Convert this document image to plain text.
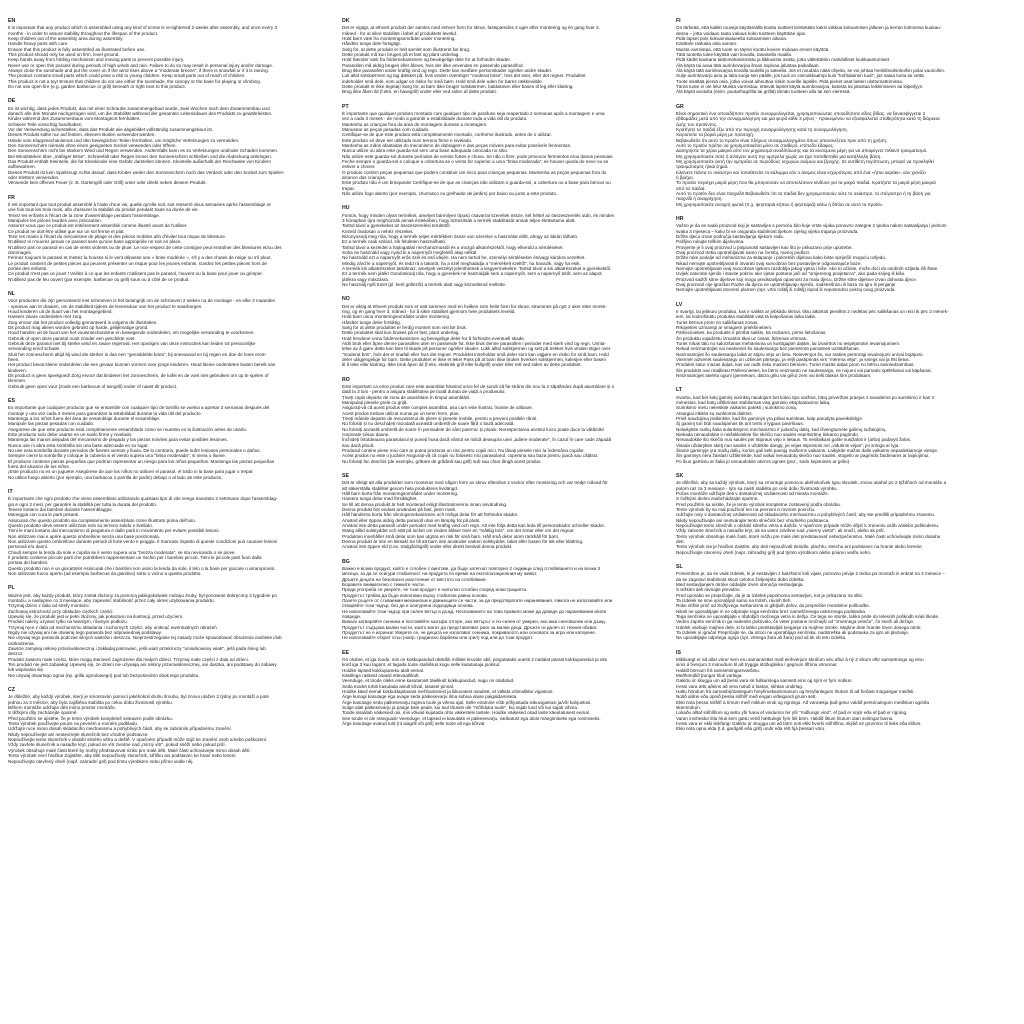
EN
It is important that any product which is assembled using any kind of screw is re-tightened 2 weeks after assembly, and once every 3
months - in order to assure stability throughout the lifespan of the product.
Keep children out of the assembly area during assembly.
Handle heavy parts with care.
Ensure that this product is fully assembled as illustrated before use.
This product should only be used on firm, level ground.
Keep hands away from folding mechanism and moving parts to prevent possible injury.
Never use or open this parasol during periods of high winds and rain. Failure to do so may result in personal injury and/or damage.
Always close the sunshade and put the cover on if the wind rises above a "moderate breeze", if there is snowfall or if it is raining.
The product contains small parts which could pose a risk to young children. Keep small parts out of reach of children.
This product is not a toy! Ensure that children do not use either the sunshade, the canopy or the base for playing or climbing.
Do not use open fire (e.g. garden barbecue or grill) beneath or right next to this product.
DE
Es ist wichtig, dass jedes Produkt, das mit einer Schraube zusammengebaut wurde, zwei Wochen nach dem Zusammenbau und
danach alle drei Monate nachgezogen wird, um die Stabilität während der gesamten Lebensdauer des Produkts zu gewährleisten.
Kinder während des Zusammenbaus vom Montageort fernhalten.
Schwere Teile vorsichtig handhaben.
Vor der Verwendung sicherstellen, dass das Produkt wie abgebildet vollständig zusammengebaut ist.
Dieses Produkt sollte nur auf festem, ebenem Boden verwendet werden.
Hände vom Klappmechanismus und den beweglichen Teilen fernhalten, um mögliche Verletzungen zu vermeiden.
Den Sonnenschirm niemals ohne einen geeigneten Sockel verwenden oder öffnen.
Den Sonnenschirm nicht bei starkem Wind und Regen verwenden. Andernfalls kann es zu Verletzungen und/oder Schäden kommen.
Bei Windstärken über „mäßiger Brise", Schneefall oder Regen immer den Sonnenschirm schließen und die Abdeckung anbringen.
Das Produkt enthält Kleinteile, die für Kleinkinder eine Gefahr darstellen können. Kleinteile außerhalb der Reichweite von Kindern
aufbewahren.
Dieses Produkt ist kein Spielzeug! Achte darauf, dass Kinder weder den Sonnenschirm noch das Verdeck oder den Sockel zum Spielen
oder Klettern verwenden.
Verwende kein offenes Feuer (z. B. Gartengrill oder Grill) unter oder direkt neben diesem Produkt.
FR
Il est important que tout produit assemblé à l'aide d'une vis, quelle qu'elle soit, soit resserré deux semaines après l'assemblage et
une fois tous les trois mois, afin d'assurer la stabilité du produit pendant toute sa durée de vie.
Tenez les enfants à l'écart de la zone d'assemblage pendant l'assemblage.
Manipulez les pièces lourdes avec précaution.
Assurez-vous que ce produit est entièrement assemblé comme illustré avant de l'utiliser.
Ce produit ne doit être utilisé que sur un sol ferme et plat.
Tenir les mains à l'écart du mécanisme de pliage et des pièces mobiles afin d'éviter tout risque de blessure.
N'utilisez ni n'ouvrez jamais ce parasol sans qu'une base appropriée ne soit en place.
N'utilisez pas ce parasol en cas de vents violents ou de pluie. Le non-respect de cette consigne peut entraîner des blessures et/ou des
dommages.
Fermez toujours le parasol et mettez la housse si le vent dépasse une « brise modérée », s'il y a des chutes de neige ou s'il pleut.
Le produit contient de petites pièces qui peuvent présenter un risque pour les jeunes enfants. Gardez les petites pièces hors de
portée des enfants.
Ce produit n'est pas un jouet ! Veillez à ce que les enfants n'utilisent pas le parasol, l'auvent ou la base pour jouer ou grimper.
N'utilisez pas de feu ouvert (par exemple, barbecue ou grill) sous ou à côté de ce produit.
NL
Voor producten die zijn gemonteerd met schroeven is het belangrijk om de schroeven 2 weken na de montage - en elke 3 maanden
- opnieuw aan te draaien, om de stabiliteit tijdens de levensduur van het product te waarborgen.
Houd kinderen uit de buurt van het montagegebied.
Hanteer zware onderdelen met zorg.
Zorg ervoor dat het product volledig gemonteerd is volgens de illustraties.
Dit product mag alleen worden gebruikt op harde, gelijkmatige grond.
Houd handen uit de buurt van het vouwmechanisme en bewegende onderdelen, om mogelijke verwonding te voorkomen.
Gebruik of open deze parasol nooit zonder een geschikte voet.
Gebruik deze parasol niet bij sterke wind en zware regenval. Het opvolgen van deze instructies kan leiden tot persoonlijke
verwonding en/of schade.
Sluit het zonnescherm altijd bij wind die sterker is dan een "gemiddelde bries", bij sneeuwval en bij regen en doe de hoes erom
heen.
Het product bevat kleine onderdelen die een gevaar kunnen vormen voor jonge kinderen. Houd kleine onderdelen buiten bereik van
kinderen.
Dit product is geen speelgoed! Zorg ervoor dat kinderen het zonnescherm, de luifel en de voet niet gebruiken om op te spelen of
klimmen.
Gebruik geen open vuur (zoals een barbecue of tuingrill) onder of naast dit product.
ES
Es importante que cualquier producto que se ensamble con cualquier tipo de tornillo se vuelva a apretar 2 semanas después del
montaje y una vez cada 3 meses para garantizar la estabilidad durante la vida útil del producto.
Mantenga a los niños fuera del área de ensamblaje durante el ensamblaje.
Manipule las piezas pesadas con cuidado.
Asegúrese de que este producto está completamente ensamblado como se muestra en la ilustración antes de usarlo.
Este producto solo debe usarse en un suelo firme y nivelado.
Mantenga las manos alejadas del mecanismo de plegado y las piezas móviles para evitar posibles lesiones.
Nunca use ni abra esta sombrilla sin una base adecuada en su lugar.
No use esta sombrilla durante periodos de fuertes vientos y lluvia. De lo contrario, puede sufrir lesiones personales o daños.
Siempre cierre la sombrilla y coloque la cubierta si el viento supera una "brisa moderada", si nieva o llueve.
El producto contiene piezas pequeñas que podrían representar un riesgo para los niños pequeños. Mantenga las piezas pequeñas
fuera del alcance de los niños.
¡Este producto no es un juguete! Asegúrese de que los niños no utilicen el parasol, el toldo ni la base para jugar o trepar.
No utilice fuego abierto (por ejemplo, una barbacoa o parrilla de jardín) debajo o al lado de este producto.
IT
È importante che ogni prodotto che viene assemblato utilizzando qualsiasi tipo di vite venga riavvitato 2 settimane dopo l'assemblag-
gio e ogni 3 mesi, per garantire la stabilità per tutta la durata del prodotto.
Tenere lontano dai bambini durante l'assemblaggio.
Maneggia con cura le parti pesanti.
Assicurati che questo prodotto sia completamente assemblato come illustrato prima dell'uso.
Questo prodotto deve essere utilizzato solo su terreno solido e livellato.
Tieni le mani lontano dal meccanismo di piegatura e dalle parti in movimento per evitare possibili lesioni.
Non utilizzare mai e aprire questo ombrellone senza una base posizionata.
Non utilizzare questo ombrellone durante periodi di forte vento e pioggia. Il mancato rispetto di queste condizioni può causare lesioni
personali e/o danni.
Chiudi sempre la tenda da sole e coprila se il vento supera una "brezza moderata", se sta nevicando o se piove.
Il prodotto contiene piccole parti che potrebbero rappresentare un rischio per i bambini piccoli. Tieni le piccole parti fuori dalla
portata dei bambini.
Questo prodotto non è un giocattolo! Assicurati che i bambini non usino la tenda da sole, il telo o la base per giocare o arrampicarsi.
Non utilizzare fuoco aperto (ad esempio barbecue da giardino) sotto o vicino a questo prodotto.
PL
Ważne jest, aby każdy produkt, który został złożony za pomocą jakiegokolwiek rodzaju śruby, był ponownie dokręcony 2 tygodnie po
montażu, a następnie co 3 miesiące, aby zapewnić stabilność przez cały okres użytkowania produktu.
Trzymaj dzieci z dala od strefy montażu.
Zachowaj ostrożność przy obsłudze ciężkich części.
Upewnij się, że produkt jest w pełni złożony, jak pokazano na ilustracji, przed użyciem.
Produkt należy używać tylko na twardym, równym podłożu.
Trzymaj ręce z dala od mechanizmu składania i ruchomych części, aby uniknąć ewentualnych obrażeń.
Nigdy nie używaj ani nie otwieraj tego parasola bez odpowiedniej podstawy.
Nie używaj tego parasola podczas silnych wiatrów i deszczu. Nieprzestrzeganie tej zasady może spowodować obrażenia osobiste i/lub
uszkodzenia.
Zawsze zamykaj osłonę przeciwsłoneczną i zakładaj pokrowiec, jeśli wiatr przekroczy "umiarkowany wiatr", jeśli pada śnieg lub
deszcz.
Produkt zawiera małe części, które mogą stanowić zagrożenie dla małych dzieci. Trzymaj małe części z dala od dzieci.
Ten produkt nie jest zabawką! Upewnij się, że dzieci nie używają ani osłony przeciwsłonecznej, ani daszka, ani podstawy do zabawy
lub wspinania się.
Nie używaj otwartego ognia (np. grilla ogrodowego) pod lub bezpośrednio obok tego produktu.
CZ
Je důležité, aby každý výrobek, který je smontován pomocí jakéhokoli druhu šroubu, byl znovu utažen 2 týdny po montáži a poté
jednou za 3 měsíce, aby byla zajištěna stabilita po celou dobu životnosti výrobku.
Během montáže udržujte děti mimo prostor montáže.
S těžkými díly zacházejte opatrně.
Před použitím se ujistěte, že je tento výrobek kompletně sestaven podle obrázku.
Tento výrobek používejte pouze na pevném a rovném podkladu.
Udržujte ruce mimo dosah skládacího mechanismu a pohyblivých částí, aby se zabránilo případnému zranění.
Nikdy nepoužívejte ani neotevírejte slunečník bez vhodné podstavce.
Nepoužívejte tento slunečník v období silného větru a deště. V opačném případě může dojít ke zranění osob a/nebo poškození.
Vždy zavřete slunečník a nasaďte kryt, pokud se vítr zvedne nad „mírný vítr", pokud sněží nebo pokud prší.
Výrobek obsahuje malé části které by mohly představovat riziko pro malé děti. Malé části uchovávejte mimo dosah dětí.
Tento výrobek není hračka! Zajistěte, aby děti nepoužívaly slunečník, stříšku ani podstavec ke hraní nebo lezení.
Nepoužívejte otevřený oheň (např. zahradní gril) pod tímto výrobkem nebo přímo vedle něj.
DK
Det er vigtigt, at ethvert produkt der samles med enhver form for skrue, fastspændes 2 uger efter montering og én gang hver 3.
måned - for at sikre stabilitet i løbet af produktets levetid.
Hold børn væk fra monteringsområdet under montering.
Håndter tunge dele forsigtigt.
Sørg for, at dette produkt er helt samlet som illustreret før brug.
Dette produkt må kun bruges på et fast og plant underlag.
Hold hænder væk fra foldemekanismen og bevægelige dele for at forhindre skader.
Parasollen må aldrig bruges eller åbnes, hvis der ikke anvendes en passende parasolfod.
Brug ikke parasollen under kraftig vind og regn. Dette kan medføre personskader og/eller andre skader.
Luk altid solskærmen og tag dækket på, hvis vinden overstiger "moderat brise", hvis det sner, eller det regner. Produktet
indeholder små dele, som udgør en risiko for små børn. Hold små dele uden for børns rækkevidde.
Dette produkt er ikke legetøj! Sørg for, at børn ikke bruger solskærmen, baldakinen eller basen til leg eller klatring.
Brug ikke åben ild (f.eks. en havegrill) under eller ved siden af dette produkt.
PT
É importante que qualquer produto montado com qualquer tipo de parafuso seja reapertado 2 semanas após a montagem e uma
vez a cada 3 meses - de modo a garantir a estabilidade durante toda a vida útil do produto.
Mantenha as crianças fora da área de montagem durante a montagem.
Manusear as peças pesadas com cuidado.
Certifique-se de que este produto está completamente montado, conforme ilustrado, antes de o utilizar.
Este produto só deve ser utilizado num terreno firme e nivelado.
Mantenha as mãos afastadas do mecanismo de dobragem e das peças móveis para evitar possíveis ferimentos.
Nunca utilize ou abra este guarda-sol sem uma base adequada colocada no sítio.
Não utilize este guarda-sol durante períodos de ventos fortes e chuva. Se não o fizer, pode provocar ferimentos e/ou danos pessoais.
Feche sempre o guarda-sol e coloque a cobertura se o vento for superior a uma "brisa moderada", se houver queda de neve ou se
estiver a chover.
O produto contém peças pequenas que podem constituir um risco para crianças pequenas. Mantenha as peças pequenas fora do
alcance das crianças.
Este produto não é um brinquedo! Certifique-se de que as crianças não utilizam o guarda-sol, a cobertura ou a base para brincar ou
trepar.
Não utilize fogo aberto (por exemplo, churrasco ou grelhador de jardim) por baixo ou junto a este produto.
HU
Fontos, hogy minden olyan terméket, amelyet bármilyen típusú csavarral szereltek össze, két héttel az összeszerelés után, és minden
3 hónapban újra meghúzzák annak érdekében, hogy biztosítsák a termék stabilitását annak teljes élettartama alatt.
Tartsd távol a gyerekeket az összeszerelési területtől.
Kezeld óvatosan a nehéz részeket.
Bizonyosodj meg róla, hogy a termék teljes mértékben össze van szerelve a használat előtt, ahogy az ábrán látható.
Ez a termék csak szilárd, sík felületen használható.
Tartsd távol a kezeidet a hajtogatási mechanizmustól és a mozgó alkatrészektől, hogy elkerüld a sérüléseket.
Soha ne használd vagy nyisd ki a napernyőt megfelelő alap nélkül.
Ne használd ezt a napernyőt erős szél és eső idején. Ha nem tartod be, személyi sérülésekre és/vagy károkra vezethet.
Mindig zárd le a napernyőt, és tedd rá a takarót, ha a szél meghaladja a "mérsékelt szellőt", ha havazik, vagy ha esik.
A termék kis alkatrészeket tartalmaz, amelyek veszélyt jelenthetnek a kisgyermekekre. Tartsd távol a kis alkatrészeket a gyerekektől.
Ez a termék nem játék! Gondoskodj róla, hogy a gyerekek ne használják sem a napernyőt, sem a napernyő tetőt, sem az alapot
játékra vagy mászásra.
Ne használj nyílt tüzet (pl. kerti grillezőt) a termék alatt vagy közvetlenül mellette.
NO
Det er viktig at ethvert produkt som er satt sammen med en hvilken som helst form for skrue, strammes på nytt 2 uker etter monte-
ring, og én gang hver 3. måned - for å sikre stabilitet gjennom hele produktets levetid.
Hold barn unna monteringsområdet under montering.
Håndter tunge deler forsiktig.
Sørg for at dette produktet er ferdig montert som vist før bruk.
Dette produktet skal kun brukes på et fast, plant underlag.
Hold hendene unna foldemekanismen og bevegelige deler for å forhindre eventuell skade.
Aldri bruk eller åpne denne parasollen uten en passende fot. Ikke bruk denne parasollen i perioder med sterk vind og regn. Unnla-
telse av å gjøre dette kan føre til skade på personer og/eller skader. Lukk alltid solskjermen og sett på trekket hvis vinden stiger over
"moderat bris", hvis det er snøfall eller hvis det regner. Produktet inneholder små deler som kan utgjøre en risiko for små barn. Hold
deler utilgjengelige for barn. Dette produktet er ikke et leke! Pass på at barn ikke bruker hverken solskjermen, kalesjen eller basen
til å leke eller klatring. Ikke bruk åpen ild (f.eks. elektrisk grill eller kullgrill) under eller rett ved siden av dette produktet.
RO
Este important ca orice produs care este asamblat folosind orice fel de șurub să fie strâns din nou la 2 săptămâni după asamblare și o
dată la 3 luni - pentru a asigura stabilitatea pe toată durata de viață a produsului.
Țineți copiii departe de zona de asamblare în timpul asamblării.
Manipulați piesele grele cu grijă.
Asigurați-vă că acest produs este complet asamblat, așa cum este ilustrat, înainte de utilizare.
Acest produs trebuie utilizat numai pe un teren ferm, plan.
Țineți mâinile departe de mecanismul de pliere și piesele mobile, pentru a preveni posibile răniri.
Nu folosiți și nu deschideți niciodată această umbrelă de soare fără o bază adecvată.
Nu folosiți această umbrelă de soare în perioadele de vânt puternic și ploaie. Nerespectarea acestui lucru poate duce la vătămări
corporale și/sau daune.
Închideți întotdeauna parasolarul și puneți husa dacă vântul se ridică deasupra unei „adiere moderate", în cazul în care cade zăpadă
sau dacă plouă.
Produsul conține piese mici care ar putea prezenta un risc pentru copiii mici. Nu lăsați piesele mici la îndemâna copiilor.
Acest produs nu este o jucărie! Asigurați-vă că copiii nu folosesc nici parasolarul, copertina sau baza pentru joacă sau cățărat.
Nu folosiți foc deschis (de exemplu, grătare de grădină sau grill) sub sau chiar lângă acest produs.
SE
Det är viktigt att alla produkter som monteras med någon form av skruv efterdras 2 veckor efter montering och var tredje månad för
att säkerställa stabilitet genom hela produktens livslängd.
Håll barn borta från monteringsområdet under montering.
Hantera tunga delar med försiktighet.
Se till att denna produkt är helt monterad enligt illustrationerna innan användning.
Denna produkt bör endast användas på fast, jämn mark.
Håll händerna borta från vikningsmekanismen och rörliga delar för att förhindra skador.
Använd eller öppna aldrig detta parasoll utan en lämplig fot på plats.
Använd inte detta parasoll under perioder med kraftig vind och regn. Att inte följa detta kan leda till personskador och/eller skador.
Stäng alltid solskyddet och sätt på locket om vinden blåser över en "måttlig bris", om det snöar eller om det regnar.
Produkten innehåller små delar som kan utgöra en risk för små barn. Håll små delar utom räckhåll för barn.
Denna produkt är inte en leksak! Se till att barn inte använder varken solskyddet, taket eller basen för lek eller klättring.
Använd inte öppen eld (t.ex. trädgårdsgrill) under eller direkt bredvid denna produkt.
BG
Важно е всеки продукт, който е сглобен с винтове, да бъде затегнат повторно 2 седмици след сглобяването и на всеки 3
месеца, за да се осигури стабилност на продукта по време на експлоатационния му живот.
Дръжте децата на безопасно разстояние от мястото на сглобяване.
Боравете внимателно с тежките части.
Преди употреба се уверете, че този продукт е напълно сглобен според илюстрацията.
Продуктът трябва да бъде използван върху стабилна равна основа.
Пазете ръцете от сгъваемия механизъм и движещите се части, за да предотвратите наранявания. Никога не използвайте или
отваряйте този чадър, без да е осигурена подходяща основа.
Не използвайте този чадър при силен вятър и дъжд. Неспазването на това правило може да доведе до наранявания и/или
повреди.
Винаги затваряйте сенника и поставяйте калъфа отгоре, ако вятърът е по-силен от умерен, ако има снеговалеж или дъжд.
Продуктът съдържа малки части, които могат да представляват риск за малки деца. Дръжте ги далеч от техния обхват.
Продуктът не е играчка! Уверете се, че децата не използват сенника, покривалото или основата за игра или катерене.
Не използвайте открит огън (напр. градинско барбекю или грил) под или до този продукт.
EE
On oluline, et iga toode, mis on kokkupandud ükskõik milliste kruvide abil, pingutataks uuesti 2 nädalat pärast kokkupanekut ja üks
kord iga 3 kuu tagant, et tagada toote stabiilsus kogu selle kasutusaja jooksul.
Hoidke lapsed kokkupaneku alalt eemal.
Käsitlege raskeid osasid ettevaatlikult.
Veenduge, et toode oleks enne kasutamist täielikult kokkupandud, nagu on näidatud.
Seda toodet tohib kasutada ainult kõval, tasasel pinnal.
Hoidke käed eemal kokkuklapitavast mehhanismist ja liikuvatest osadest, et vältida võimalikke vigastusi.
Ärge kunagi kasutage ega avage seda päikesevarju ilma sobiva aluse paigaldamiseta.
Ärge kasutage seda päikesevarju tugeva tuule ja vihma ajal. Selle eiramine võib põhjustada isikuvigastusi ja/või kahjustusi.
Sulge alati päikesevarju ja pange kate peale, kui tuul tõuseb üle "mõõduka tuule", kui sajab lund või kui sajab vihma.
Toode sisaldab väikeseid osi, mis võivad kujutada ohtu väikestele lastele. Hoidke väikesed osad laste käeulatusest eemal.
See toode ei ole mänguasi! Veenduge, et lapsed ei kasutaks ei päikesevarju, varikatust ega alust mängimiseks ega ronimiseks.
Ärge kasutage avatud tuld (nt aiagrill või grill) selle toote all ega kõrval.
FI
On tärkeää, että kaikki ruuveja käyttämällä koottu tuotteet kiristetään kaksi viikkoa kokoamisen jälkeen ja kerran kolmessa kuukau-
dessa – jotta voidaan taata vakaus koko tuotteen käyttöiän ajan.
Pidä lapset pois kokoamisalueelta kokoamisen aikana.
Käsittele raskaita osia varoen.
Muista varmistaa, että tuote on täysin koottu kuvien mukaan ennen käyttöä.
Tätä tuotetta tulee käyttää vain kovalla, tasaisella maalla.
Pidä kädet kaukana taittomekanismista ja liikkuvista osista, jotta vältettäisiin mahdolliset loukkaantumiset.
Älä käytä tai avaa tätä aurinkovarjoa ilman sopivaa jalustaa paikallaan.
Älä käytä tätä aurinkovarjoa kovalla tuulella ja sateella. Jos et noudata näitä ohjeita, se voi johtaa henkilövahinkoihin ja/tai vaurioihin.
Sulje aurinkovarjo aina ja laita suoja sen päälle, jos tuuli on voimakkaampi kuin "kohtalainen tuuli", jos sataa lunta tai vettä.
Tuote sisältää pieniä osia, jotka voivat aiheuttaa riskin nuorille lapsille. Pidä pienet osat lasten ulottumattomissa.
Tämä tuote ei ole lelu! Muista varmistaa, etteivät lapset käytä aurinkovarjoa, katosta tai jalustaa leikkimiseen tai kiipeilyyn.
Älä käytä avotulta (esim. puutarhagrilliä tai grilliä) tämän tuotteen alla tai sen vieressä.
GR
Είναι σημαντικό ένα οποιοδήποτε προϊόν συναρμολογείται, χρησιμοποιώντας οποιοδήποτε είδος βίδας, να ξανασφίγγεται 2
εβδομάδες μετά από την συναρμολόγηση και μια φορά κάθε 3 μήνες - προκειμένου να εξασφαλιστεί σταθερότητα κατά τη διάρκεια
ζωής του προϊόντος.
Κρατήστε τα παιδιά έξω από την περιοχή συναρμολόγησης κατά τη συναρμολόγηση.
Χειριστείτε τα βαριά μέρη με προσοχή.
Βεβαιωθείτε ότι αυτό το προϊόν είναι πλήρως συναρμολογημένο όπως απεικονίζεται πριν από τη χρήση.
Αυτό το προϊόν πρέπει να χρησιμοποιείται μόνο σε σταθερό, επίπεδο έδαφος.
Διατηρήστε τα χέρια μακριά από τον μηχανισμό αναδίπλωσης και τα κινούμενα μέρη για να αποφύγετε πιθανό τραυματισμό.
Μη χρησιμοποιείτε ποτέ ή ανοίγετε αυτή την ομπρέλα χωρίς να έχει τοποθετηθεί μια κατάλληλη βάση.
Μη χρησιμοποιείτε αυτή την ομπρέλα σε περιόδους ισχυρών ανέμων και βροχής. Σε αντίθετη περίπτωση, μπορεί να προκληθεί
τραυματισμός ή/και ζημιά.
Κλείνετε πάντα το σκίαστρο και τοποθετείτε το κάλυμμα εάν ο άνεμος είναι ισχυρότερος από ένα «ήπιο αεράκι», εάν χιονίζει
ή βρέχει.
Το προϊόν περιέχει μικρά μέρη που θα μπορούσαν να αποτελέσουν κίνδυνο για τα μικρά παιδιά. Κρατήστε τα μικρά μέρη μακριά
από τα παιδιά.
Αυτό το προϊόν δεν είναι παιχνίδι! Βεβαιωθείτε ότι τα παιδιά δεν χρησιμοποιούν ούτε το σκίαστρο, το στέγαστρο ή τη βάση για
παιχνίδι ή αναρρίχηση.
Μη χρησιμοποιείτε ανοιχτή φωτιά (π.χ. ψησταριά κήπου ή ψησταριά) κάτω ή δίπλα σε αυτό το προϊόν.
HR
Važno je da se svaki proizvod koji je sastavljen s pomoću bilo koje vrste vijaka ponovno zategne 2 tjedna nakon sastavljanja i jednom
svaka 3 mjeseca – kako bi se osigurala stabilnost tijekom cijelog vijeka trajanja proizvoda.
Držite djecu izvan područja sastavljanja tijekom rada.
Pažljivo rukujte teškim dijelovima.
Provjerite je li ovaj proizvod u potpunosti sastavljen kao što je prikazano prije upotrebe.
Ovaj proizvod treba upotrebljavati samo na čvrstoj, ravnoj podlozi.
Držite ruke podalje od mehanizma za sklapanje i pokretnih dijelova kako biste spriječili moguću ozljedu.
Nikad nemojte upotrebljavati ili otvarati ovaj suncobran bez postavljene odgovarajuće baze.
Nemojte upotrebljavati ovaj suncobran tijekom razdoblja jakog vjetra i kiše. Ako to učinite, može doći do osobnih ozljeda i/ili štete.
Uvijek zatvorite sjenilo i stavite pokrov ako vjetar postane jači od "umjerenog povjetarca", ako pada snijeg ili kiša.
Proizvod sadrži sitne dijelove koji mogu predstavljati opasnost za malu djecu. Držite sitne dijelove izvan dohvata djece.
Ovaj proizvod nije igračka! Pazite da djeca ne upotrebljavaju sjenilo, nadstrešnicu ili bazu za igru ili penjanje.
Nemojte upotrebljavati otvoreni plamen (npr. vrtni roštilj ili roštilj) ispod ili neposredno pokraj ovog proizvoda.
LV
Ir svarīgi, lai jebkuru produktu, kas ir salikts ar jebkādu skrūvi, tiktu atkārtoti pievilkts 2 nedēļas pēc salikšanas un reizi ik pēc 3 mēneš-
iem, lai nodrošinātu produkta stabilitāti visā tā kalpošanas laika laikā.
Turiet bērnus prom no salikšanas zonas.
Rīkojieties uzmanīgi ar smagiem priekšmetiem.
Pārliecinieties, ka produkts ir pilnībā salikts, kā redzams, pirms lietošanas.
Šo produktu vajadzētu izmantot tikai uz cietas, līdzenas virsmas.
Turiet rokas tālu no salocīšanas mehānisma un kustīgajām daļām, lai izvairītos no iespējamām ievainojumiem.
Nekad neizmantojiet vai neatveriet šo saulessargu bez piemērota pamatnes uzstādīšanas.
Neizmantojiet šo saulessargu laikā ar stipru vēju un lietu. Neievērojot šo, var rasties personīgi ievainojumi un/vai bojājumi.
Vienmēr aizveriet saulessargu un uzlieciet pārsegu, ja vējš pastiprinās virs "mērena vēja", ja sniegs vai ja līst lietus.
Produkts satur mazas daļas, kas var radīt risku maziem bērniem. Turiet mazās daļas prom no bērnu sasniedzamības.
Šis produkts nav rotaļlieta! Pārliecinieties, ka bērni neizmanto ne saulessargu, ne nojumi vai pamatni spēlēšanai vai kāpšanai.
Neizmantojiet atvērtu uguni (piemēram, dārza grilu vai grilu) zem vai tieši blakus šim produktam.
LT
Svarbu, kad bet kokį gaminį surinktą naudojant bet kokio tipo varžtus, būtų priveržtas praėjus 2 savaitėms po surinkimo ir kas 3
mėnesius, kad būtų užtikrintas stabilumas visą gaminio eksploatavimo laiką.
Surinkimo metu neleiskite vaikams patekti į surinkimo zoną.
Atsargiai elkitės su sunkiomis dalimis.
Prieš naudojimą įsitikinkite, kad šis gaminys yra pilnai surinktas, kaip parodyta paveikslėlyje.
Šį gaminį turi būti naudojamas tik ant tvirto ir lygaus paviršiaus.
Nelaikykite rankų šalia sulankstymo mechanizmo ir judančių dalių, kad išvengtumėte galimų sužalojimų.
Niekada nenaudokite ir neišskleiskite šio skėčio nuo saulės nepritvirtinę tinkamo pagrindo.
Nenaudokite šio skėčio nuo saulės per stipraus vėjo ir lietaus. To nesilaikant galite susižaloti ir (arba) padaryti žalos.
Visada uždarykite skėtį nuo saulės ir uždėkite dangtį, jei vėjas stipresnis nei „vidutinis vėjas", jei sninga ar lyja.
Šiame gaminyje yra mažų dalių, kurios gali kelti pavojų mažiems vaikams. Laikykite mažas dalis vaikams nepasiekiamoje vietoje.
Šis gaminys nėra žaislas! Užtikrinkite, kad vaikai nenaudotų skėčio nuo saulės, stogelio ar pagrindo žaidimams ar laipiojimui.
Po šiuo gaminiu ar šalia jo nenaudokite atviros ugnies (pvz., sodo kepsninės ar grilio).
SK
Je dôležité, aby sa každý výrobok, ktorý sa zmontuje pomocou akéhokoľvek typu skrutiek, znovu utiahol po 2 týždňoch od montáže a
potom raz za 3 mesiace - tým sa zaistí stabilita po celú dobu životnosti výrobku.
Počas montáže udržujte deti v dostatočnej vzdialenosti od miesta montáže.
S ťažkými dielmi zaobchádzajte opatrne.
Pred použitím sa uistite, že je tento výrobok kompletne zostavený podľa obrázka.
Tento výrobok by sa mal používať len na pevnom a rovnom povrchu.
Udržujte ruky v dostatočnej vzdialenosti od skladacieho mechanizmu a pohyblivých častí, aby ste predišli prípadnému zraneniu.
Nikdy nepoužívajte ani neotvárajte tento slnečník bez vhodného podstavca.
Nepoužívajte tento slnečník v období silného vetra a dažďa. V opačnom prípade môže dôjsť k zraneniu osôb a/alebo poškodeniu.
Vždy zatvorte slnečník a nasaďte kryt, ak sa vietor zdvihne nad „mierny vietor", ak sneží, alebo ak prší.
Tento výrobok obsahuje malé časti, ktoré môžu pre malé deti predstavovať nebezpečenstvo. Malé časti uchovávajte mimo dosahu
detí.
Tento výrobok nie je hračka! Zaistite, aby deti nepoužívali tienidlo, plachtu, strechu ani podstavec na hranie alebo lezenie.
Nepoužívajte otvorený oheň (napr. záhradný gril) pod týmto výrobkom alebo priamo vedľa neho.
SL
Pomembno je, da se vsak izdelek, ki je sestavljen z kakršnimi koli vijaki, ponovno privije 2 tedna po montaži in enkrat na 3 mesece –
da se zagotovi stabilnost skozi celotno življenjsko dobo izdelka.
Med sestavljanjem otroke oddaljite izven območja sestavljanja.
S težkimi deli ravnajte previdno.
Pred uporabo se prepričajte, da je ta izdelek popolnoma sestavljen, kot je prikazano na sliki.
Ta izdelek se sme uporabljati samo na trdnih, ravnih tleh.
Roke držite proč od zložljivega mehanizma in gibljivih delov, da preprečite morebitne poškodbe.
Nikoli ne uporabljajte in ne odpirajte tega senčnika brez nameščenega ustreznega podstavka.
Tega senčnika ne uporabljajte v obdobjih močnega vetra in dežja. Če tega ne storite, lahko pride do telesnih poškodb in/ali škode.
Vedno zaprite senčnik in ga nadenite pokrivalo, če veter postane močnejši od "zmernega vetriča", če sneži ali dežuje.
Izdelek vsebuje majhne dele, ki bi lahko predstavljali tveganje za majhne otroke. Majhne dele hranite izven dosega otrok.
Ta izdelek ni igrača! Prepričajte se, da otroci ne uporabljajo senčnika, nadstreška ali podstavka za igro ali plezanje.
Ne uporabljajte odprtega ognja (npr. vrtnega žara ali žara) pod ali tik ob tem izdelku.
IS
Mikilvægt er að allar vörur sem eru samansettar með einhverjum skrúfum séu aftur á ný 2 vikum eftir samsetningu og einu
sinni á hverjum 3 mánuðum til að tryggja stöðugleika í gegnum líftíma vörunnar.
Haldið börnum frá samsetningarsvæðinu.
Meðhöndlið þungar hluti varlega.
Gakktu úr skugga um að þessi vara sé fullsamlega samsett eins og sýnt er fyrir notkun.
Þessi vara ætti aðeins að vera notuð á fastan, sléttan undirlag.
Haltu höndum frá samanbrjótanlegum hreyfimekanismanum og hreyfanlegum hlutum til að forðast mögulegar meiðsli.
Notið aldrei eða opnið þessa sólhlíf með engan viðeigandi grunn sett.
Ekki nota þessa sólhlíf á tímum með miklum vindi og rigningu. Að vanrækja það getur valdið persónulegum meiðslum og/eða
skemmdum.
Lokaðu alltaf sólhlífinni og settu yfir hana ef vindurinn fer yfir "miðlungs vind", ef það er snjór eða ef það er rigning.
Varan inniheldur litla hluti sem gætu verið hættulegir fyrir lítil börn. Haldið litlum hlutum utan seilingar barna.
Þessi vara er ekki leikfang! Gakktu úr skugga um að börn noti ekki hvorki sólhlífina, skýlið né grunninn til leiks eða klifurs.
Ekki nota opna elda (t.d. garðgrill eða grill) undir eða rétt hjá þessari vöru.
